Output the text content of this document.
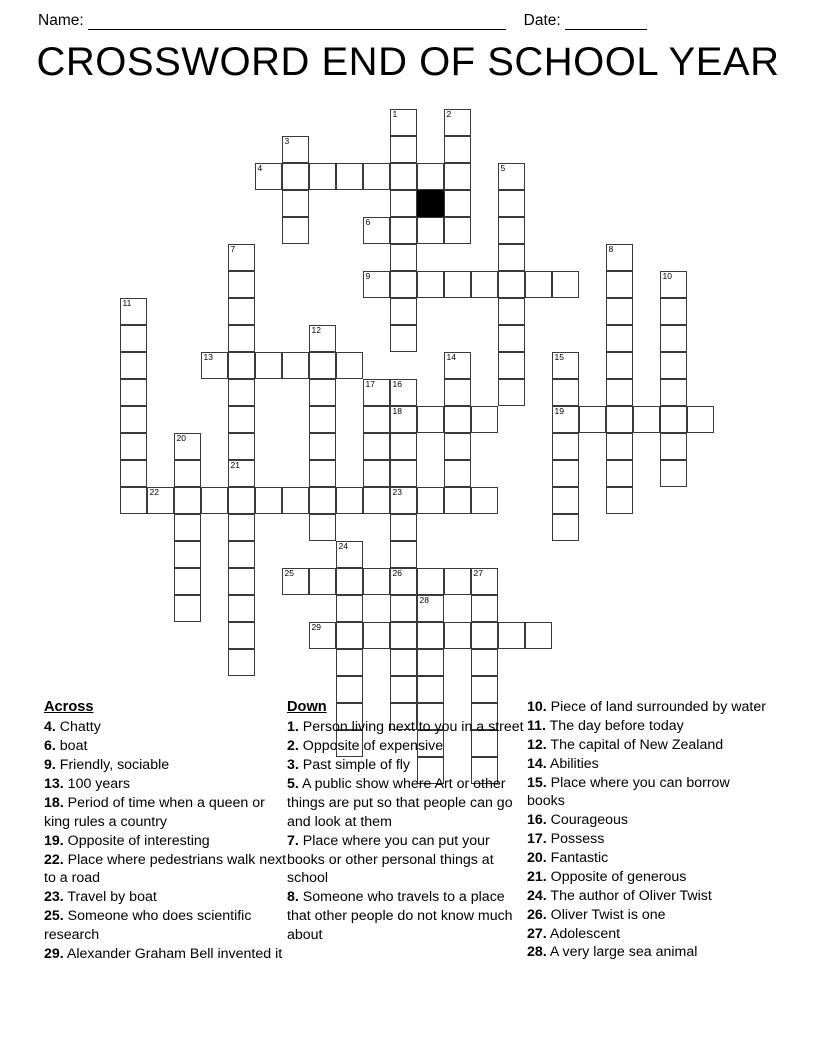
Name:	Date:
CROSSWORD END OF SCHOOL YEAR
1	2
3
4	5
6
7	8
9	10
11
12
13	14	15
19
16
18
23
17
20
21
22
24
25	26	27
28
29
Across
4. Chatty
6. boat
9. Friendly, sociable
13. 100 years
18. Period of time when a queen or king rules a country
19. Opposite of interesting
22. Place where pedestrians walk next to a road
23. Travel by boat
25. Someone who does scientific research
29. Alexander Graham Bell invented it
Down
1. Person living next to you in a street
2. Opposite of expensive
3. Past simple of fly
5. A public show where Art or other things are put so that people can go and look at them
7. Place where you can put your books or other personal things at school
8. Someone who travels to a place that other people do not know much about
10. Piece of land surrounded by water
11. The day before today
12. The capital of New Zealand
14. Abilities
15. Place where you can borrow books
16. Courageous
17. Possess
20. Fantastic
21. Opposite of generous
24. The author of Oliver Twist
26. Oliver Twist is one
27. Adolescent
28. A very large sea animal
